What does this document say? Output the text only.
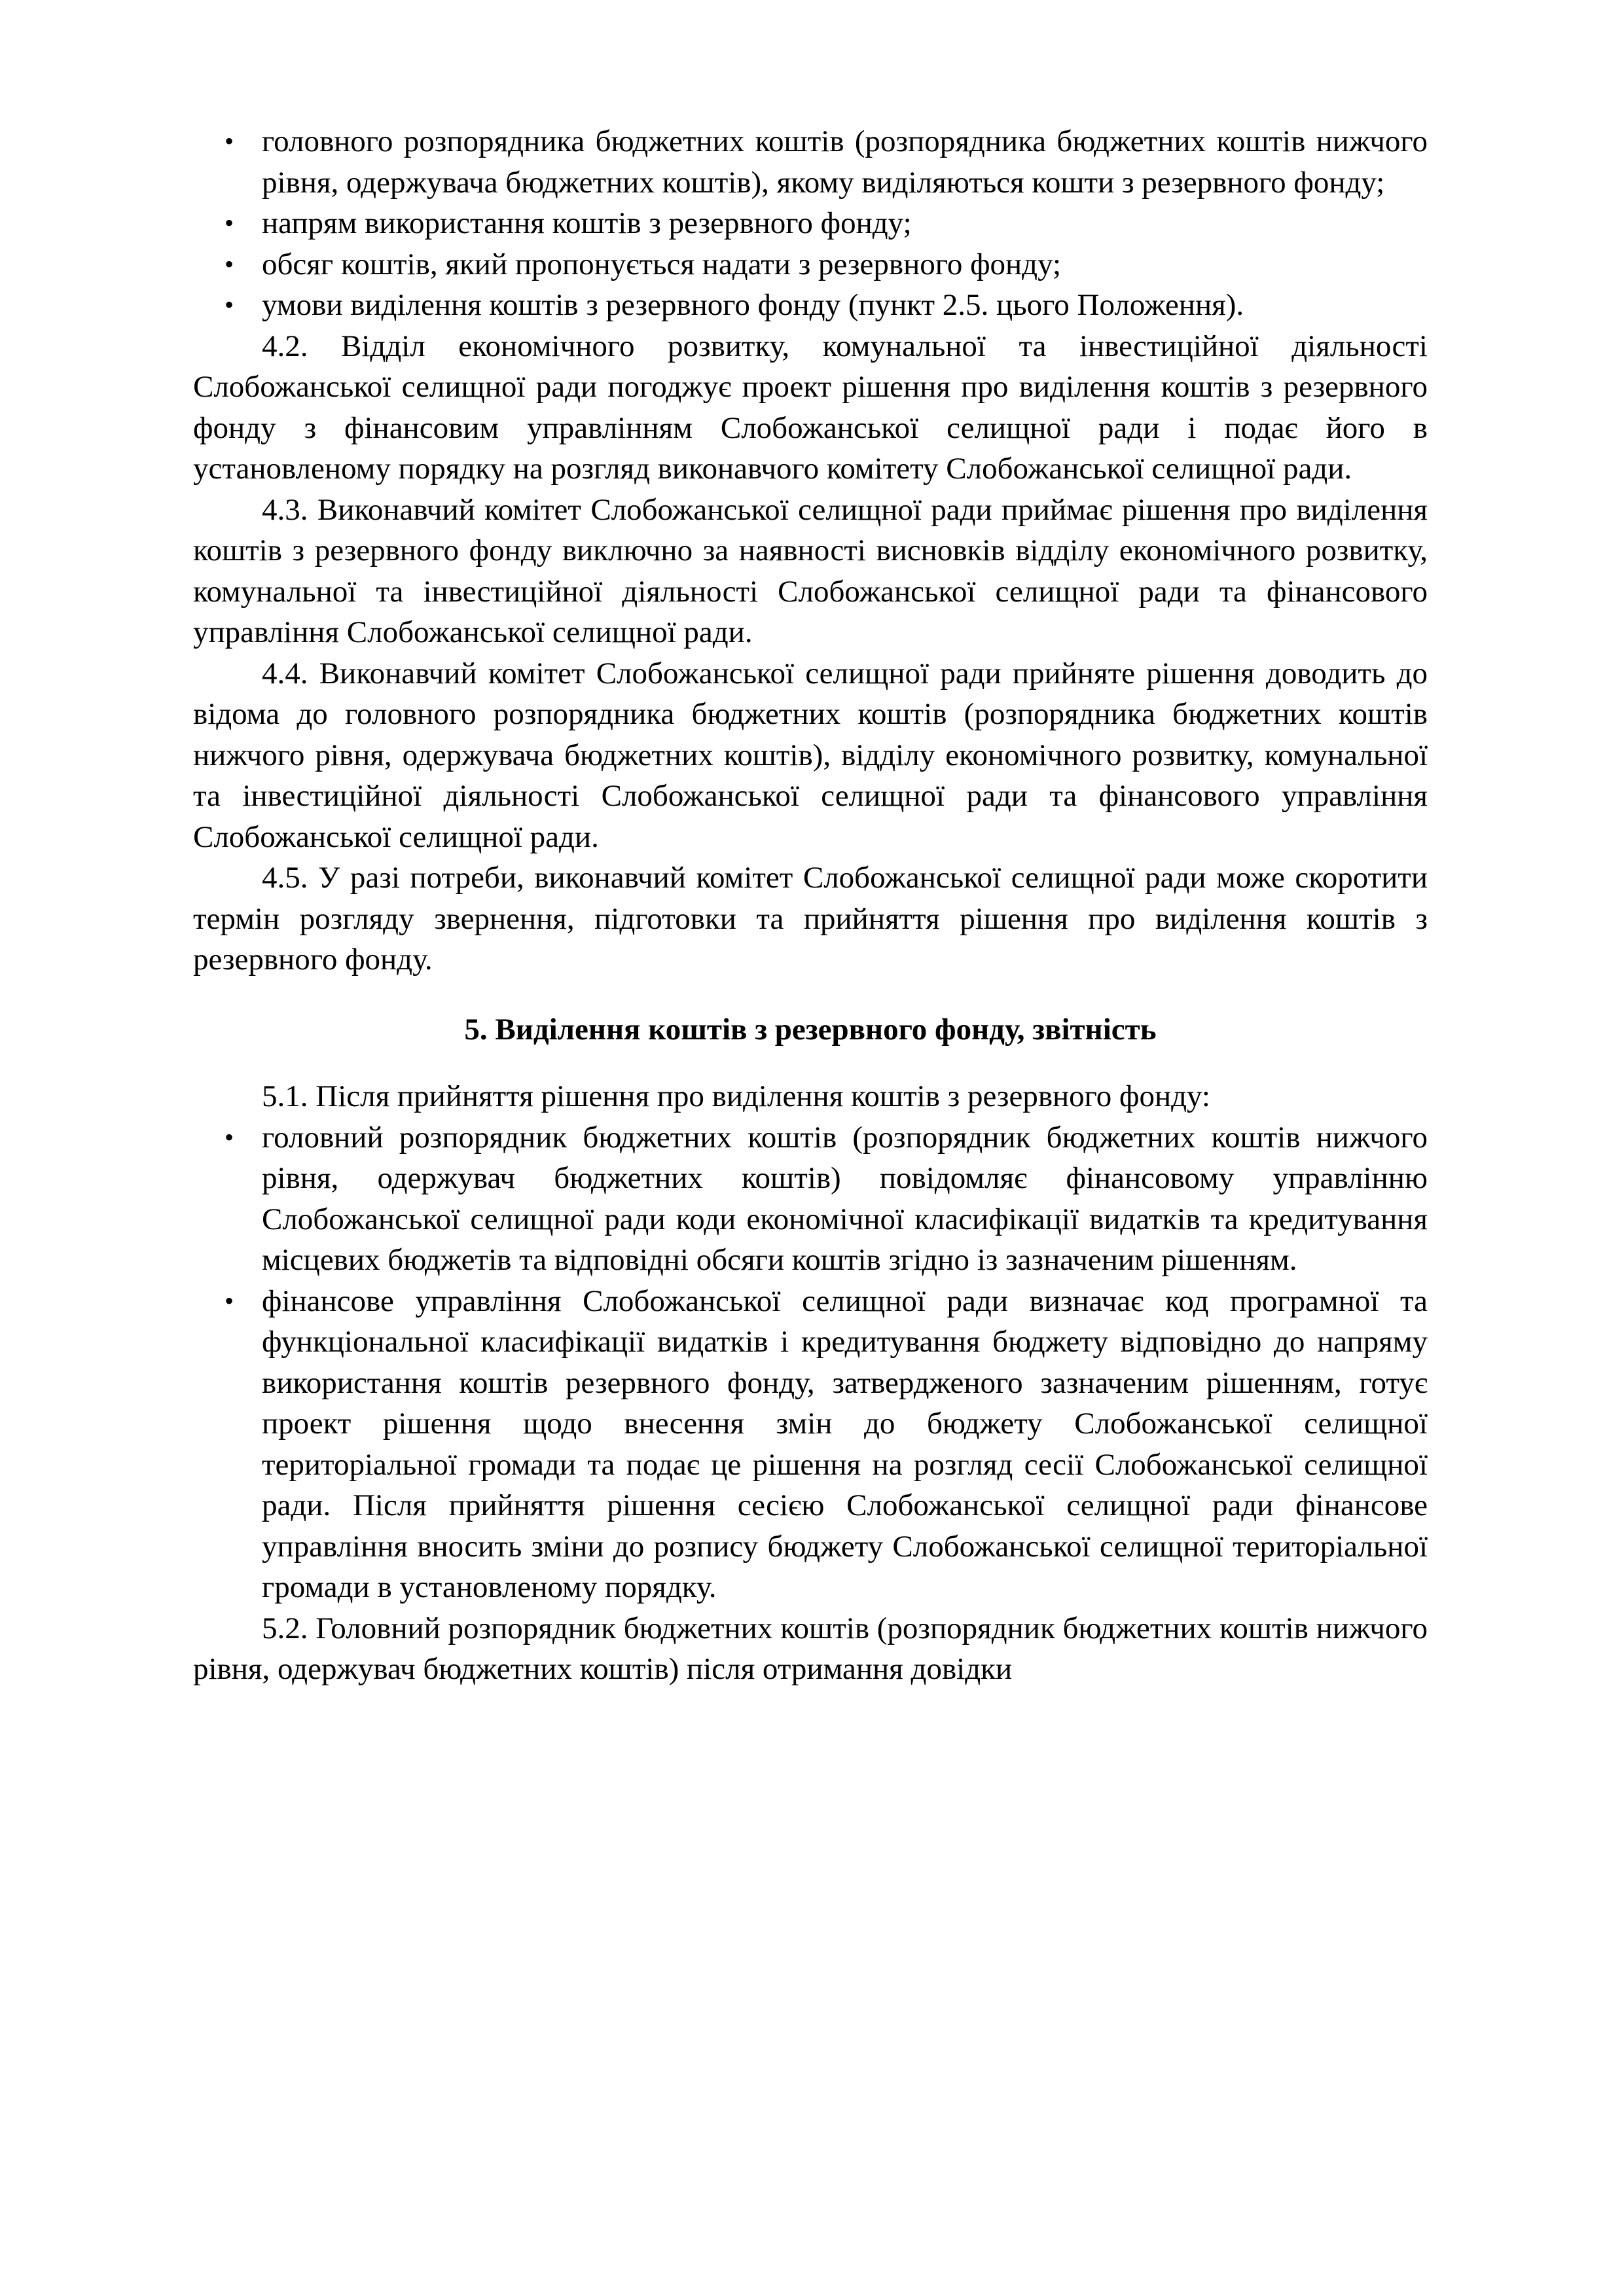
• головного розпорядника бюджетних коштів (розпорядника бюджетних коштів нижчого рівня, одержувача бюджетних коштів), якому виділяються кошти з резервного фонду;

• напрям використання коштів з резервного фонду;

• обсяг коштів, який пропонується надати з резервного фонду;

• умови виділення коштів з резервного фонду (пункт 2.5. цього Положення).

4.2. Відділ економічного розвитку, комунальної та інвестиційної діяльності Слобожанської селищної ради погоджує проект рішення про виділення коштів з резервного фонду з фінансовим управлінням Слобожанської селищної ради і подає його в установленому порядку на розгляд виконавчого комітету Слобожанської селищної ради.

4.3. Виконавчий комітет Слобожанської селищної ради приймає рішення про виділення коштів з резервного фонду виключно за наявності висновків відділу економічного розвитку, комунальної та інвестиційної діяльності Слобожанської селищної ради та фінансового управління Слобожанської селищної ради.

4.4. Виконавчий комітет Слобожанської селищної ради прийняте рішення доводить до відома до головного розпорядника бюджетних коштів (розпорядника бюджетних коштів нижчого рівня, одержувача бюджетних коштів), відділу економічного розвитку, комунальної та інвестиційної діяльності Слобожанської селищної ради та фінансового управління Слобожанської селищної ради.

4.5. У разі потреби, виконавчий комітет Слобожанської селищної ради може скоротити термін розгляду звернення, підготовки та прийняття рішення про виділення коштів з резервного фонду.

5. Виділення коштів з резервного фонду, звітність

5.1. Після прийняття рішення про виділення коштів з резервного фонду:

• головний розпорядник бюджетних коштів (розпорядник бюджетних коштів нижчого рівня, одержувач бюджетних коштів) повідомляє фінансовому управлінню Слобожанської селищної ради коди економічної класифікації видатків та кредитування місцевих бюджетів та відповідні обсяги коштів згідно із зазначеним рішенням.

• фінансове управління Слобожанської селищної ради визначає код програмної та функціональної класифікації видатків і кредитування бюджету відповідно до напряму використання коштів резервного фонду, затвердженого зазначеним рішенням, готує проект рішення щодо внесення змін до бюджету Слобожанської селищної територіальної громади та подає це рішення на розгляд сесії Слобожанської селищної ради. Після прийняття рішення сесією Слобожанської селищної ради фінансове управління вносить зміни до розпису бюджету Слобожанської селищної територіальної громади в установленому порядку.

5.2. Головний розпорядник бюджетних коштів (розпорядник бюджетних коштів нижчого рівня, одержувач бюджетних коштів) після отримання довідки
